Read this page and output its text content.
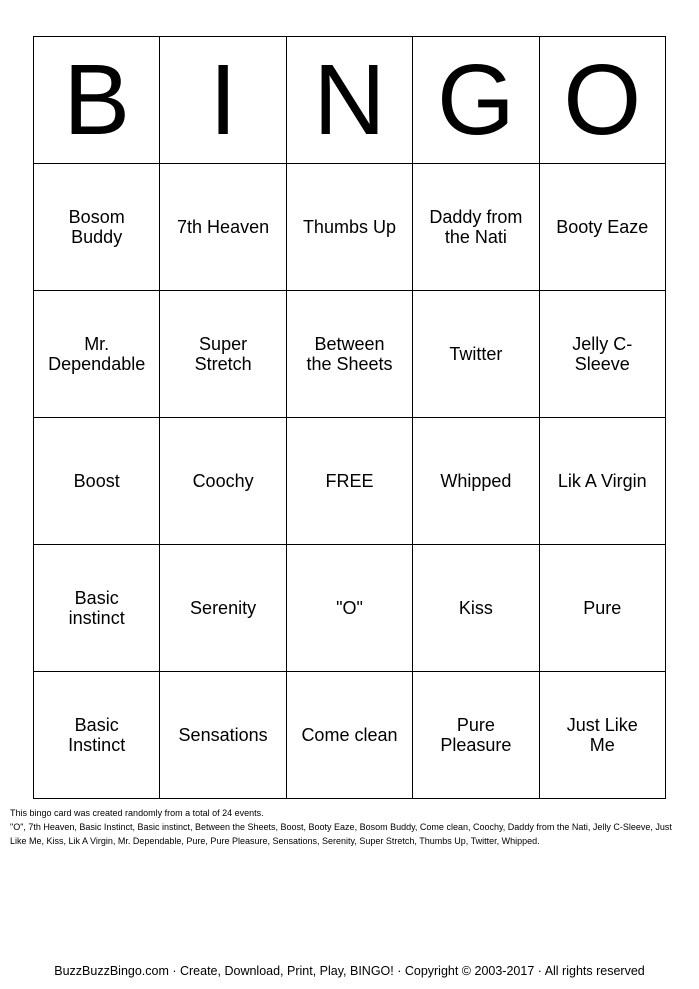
B	I	N	G	O
Bosom Buddy	7th Heaven	Thumbs Up	Daddy from the Nati	Booty Eaze
Mr. Dependable	Super Stretch	Between the Sheets	Twitter	Jelly C-Sleeve
Boost	Coochy	FREE	Whipped	Lik A Virgin
Basic instinct	Serenity	"O"	Kiss	Pure
Basic Instinct	Sensations	Come clean	Pure Pleasure	Just Like Me
This bingo card was created randomly from a total of 24 events.
"O", 7th Heaven, Basic Instinct, Basic instinct, Between the Sheets, Boost, Booty Eaze, Bosom Buddy, Come clean, Coochy, Daddy from the Nati, Jelly C-Sleeve, Just Like Me, Kiss, Lik A Virgin, Mr. Dependable, Pure, Pure Pleasure, Sensations, Serenity, Super Stretch, Thumbs Up, Twitter, Whipped.
BuzzBuzzBingo.com · Create, Download, Print, Play, BINGO! · Copyright © 2003-2017 · All rights reserved
